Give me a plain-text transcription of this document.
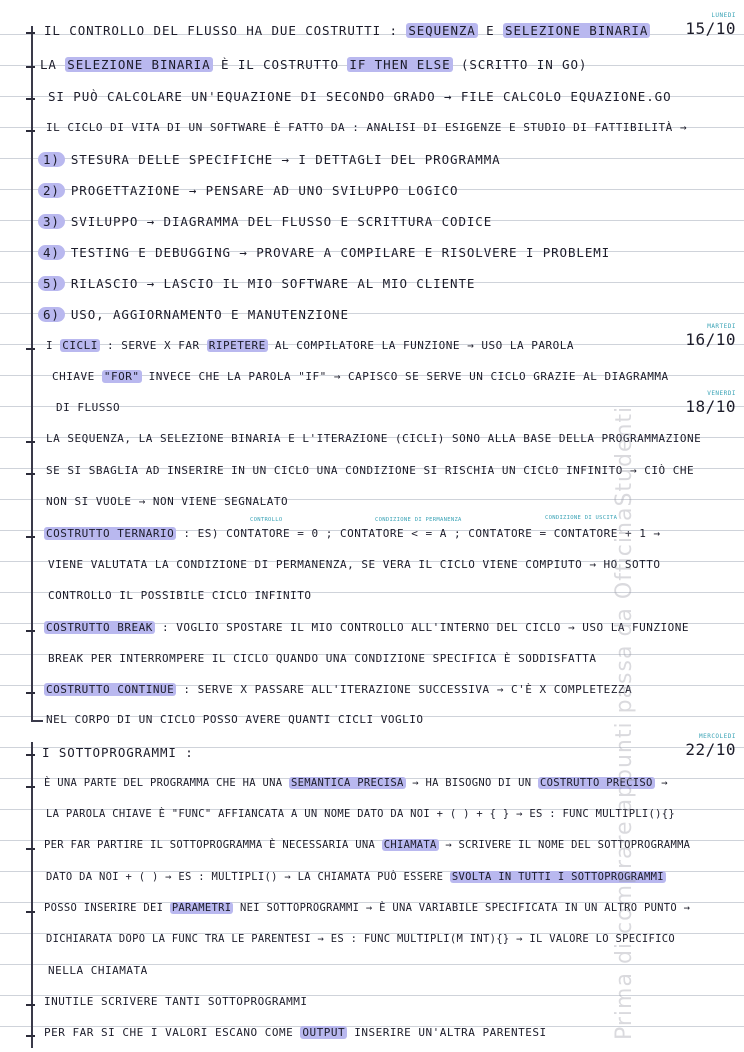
LUNEDI
15/10
MARTEDI
16/10
VENERDI
18/10
MERCOLEDI
22/10
IL CONTROLLO DEL FLUSSO HA DUE COSTRUTTI : SEQUENZA E SELEZIONE BINARIA
LA SELEZIONE BINARIA È IL COSTRUTTO IF THEN ELSE (SCRITTO IN GO)
SI PUÒ CALCOLARE UN'EQUAZIONE DI SECONDO GRADO → FILE CALCOLO EQUAZIONE.GO
IL CICLO DI VITA DI UN SOFTWARE È FATTO DA : ANALISI DI ESIGENZE E STUDIO DI FATTIBILITÀ →
1) STESURA DELLE SPECIFICHE → I DETTAGLI DEL PROGRAMMA
2) PROGETTAZIONE → PENSARE AD UNO SVILUPPO LOGICO
3) SVILUPPO → DIAGRAMMA DEL FLUSSO E SCRITTURA CODICE
4) TESTING E DEBUGGING → PROVARE A COMPILARE E RISOLVERE I PROBLEMI
5) RILASCIO → LASCIO IL MIO SOFTWARE AL MIO CLIENTE
6) USO, AGGIORNAMENTO E MANUTENZIONE
I CICLI : SERVE X FAR RIPETERE AL COMPILATORE LA FUNZIONE → USO LA PAROLA
CHIAVE "FOR" INVECE CHE LA PAROLA "IF" → CAPISCO SE SERVE UN CICLO GRAZIE AL DIAGRAMMA
DI FLUSSO
LA SEQUENZA, LA SELEZIONE BINARIA E L'ITERAZIONE (CICLI) SONO ALLA BASE DELLA PROGRAMMAZIONE
SE SI SBAGLIA AD INSERIRE IN UN CICLO UNA CONDIZIONE SI RISCHIA UN CICLO INFINITO → CIÒ CHE
NON SI VUOLE → NON VIENE SEGNALATO
CONTROLLO	CONDIZIONE DI PERMANENZA	CONDIZIONE DI USCITA
COSTRUTTO TERNARIO : ES) CONTATORE = 0 ; CONTATORE < = A ; CONTATORE = CONTATORE + 1 →
VIENE VALUTATA LA CONDIZIONE DI PERMANENZA, SE VERA IL CICLO VIENE COMPIUTO → HO SOTTO
CONTROLLO IL POSSIBILE CICLO INFINITO
COSTRUTTO BREAK : VOGLIO SPOSTARE IL MIO CONTROLLO ALL'INTERNO DEL CICLO → USO LA FUNZIONE
BREAK PER INTERROMPERE IL CICLO QUANDO UNA CONDIZIONE SPECIFICA È SODDISFATTA
COSTRUTTO CONTINUE : SERVE X PASSARE ALL'ITERAZIONE SUCCESSIVA → C'È X COMPLETEZZA
NEL CORPO DI UN CICLO POSSO AVERE QUANTI CICLI VOGLIO
I SOTTOPROGRAMMI :
È UNA PARTE DEL PROGRAMMA CHE HA UNA SEMANTICA PRECISA → HA BISOGNO DI UN COSTRUTTO PRECISO →
LA PAROLA CHIAVE È "FUNC" AFFIANCATA A UN NOME DATO DA NOI + ( ) + { } → ES : FUNC MULTIPLI(){}
PER FAR PARTIRE IL SOTTOPROGRAMMA È NECESSARIA UNA CHIAMATA → SCRIVERE IL NOME DEL SOTTOPROGRAMMA
DATO DA NOI + ( ) → ES : MULTIPLI() → LA CHIAMATA PUÒ ESSERE SVOLTA IN TUTTI I SOTTOPROGRAMMI
POSSO INSERIRE DEI PARAMETRI NEI SOTTOPROGRAMMI → È UNA VARIABILE SPECIFICATA IN UN ALTRO PUNTO →
DICHIARATA DOPO LA FUNC TRA LE PARENTESI → ES : FUNC MULTIPLI(M INT){} → IL VALORE LO SPECIFICO
NELLA CHIAMATA
INUTILE SCRIVERE TANTI SOTTOPROGRAMMI
PER FAR SI CHE I VALORI ESCANO COME OUTPUT INSERIRE UN'ALTRA PARENTESI	Prima di comprare appunti passa da OfficinaStudenti
